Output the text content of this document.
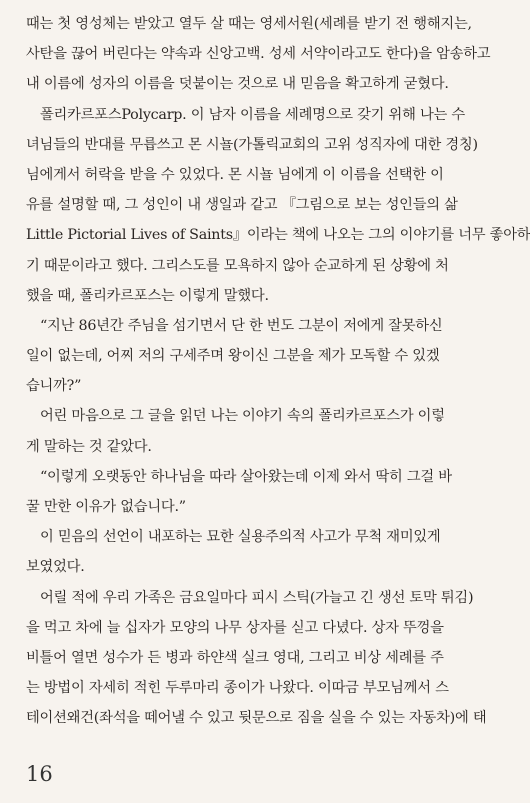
때는 첫 영성체는 받았고 열두 살 때는 영세서원(세례를 받기 전 행해지는,
사탄을 끊어 버린다는 약속과 신앙고백. 성세 서약이라고도 한다)을 암송하고
내 이름에 성자의 이름을 덧붙이는 것으로 내 믿음을 확고하게 굳혔다.
폴리카르포스Polycarp. 이 남자 이름을 세례명으로 갖기 위해 나는 수
녀님들의 반대를 무릅쓰고 몬 시뇰(가톨릭교회의 고위 성직자에 대한 경칭)
님에게서 허락을 받을 수 있었다. 몬 시뇰 님에게 이 이름을 선택한 이
유를 설명할 때, 그 성인이 내 생일과 같고 『그림으로 보는 성인들의 삶
Little Pictorial Lives of Saints』이라는 책에 나오는 그의 이야기를 너무 좋아하
기 때문이라고 했다. 그리스도를 모욕하지 않아 순교하게 된 상황에 처
했을 때, 폴리카르포스는 이렇게 말했다.
“지난 86년간 주님을 섬기면서 단 한 번도 그분이 저에게 잘못하신
일이 없는데, 어찌 저의 구세주며 왕이신 그분을 제가 모독할 수 있겠
습니까?”
어린 마음으로 그 글을 읽던 나는 이야기 속의 폴리카르포스가 이렇
게 말하는 것 같았다.
“이렇게 오랫동안 하나님을 따라 살아왔는데 이제 와서 딱히 그걸 바
꿀 만한 이유가 없습니다.”
이 믿음의 선언이 내포하는 묘한 실용주의적 사고가 무척 재미있게
보였었다.
어릴 적에 우리 가족은 금요일마다 피시 스틱(가늘고 긴 생선 토막 튀김)
을 먹고 차에 늘 십자가 모양의 나무 상자를 싣고 다녔다. 상자 뚜껑을
비틀어 열면 성수가 든 병과 하얀색 실크 영대, 그리고 비상 세례를 주
는 방법이 자세히 적힌 두루마리 종이가 나왔다. 이따금 부모님께서 스
테이션왜건(좌석을 떼어낼 수 있고 뒷문으로 짐을 실을 수 있는 자동차)에 태
16
